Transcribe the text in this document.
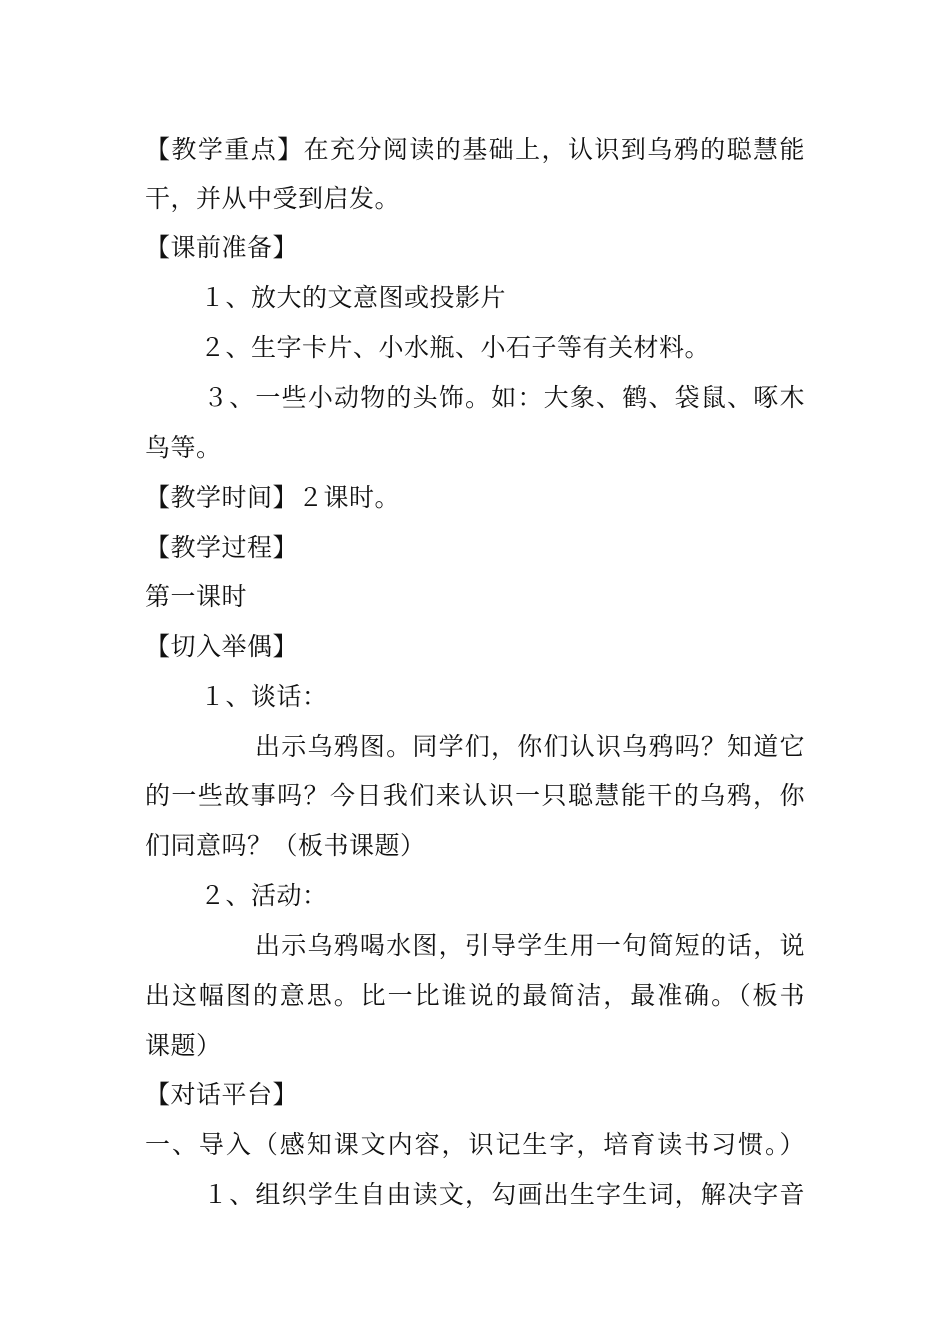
【教学重点】在充分阅读的基础上，认识到乌鸦的聪慧能
干，并从中受到启发。
【课前准备】
１、放大的文意图或投影片
２、生字卡片、小水瓶、小石子等有关材料。
３、一些小动物的头饰。如：大象、鹤、袋鼠、啄木
鸟等。
【教学时间】２课时。
【教学过程】
第一课时
【切入举偶】
１、谈话：
出示乌鸦图。同学们，你们认识乌鸦吗？知道它
的一些故事吗？今日我们来认识一只聪慧能干的乌鸦，你
们同意吗？（板书课题）
２、活动：
出示乌鸦喝水图，引导学生用一句简短的话，说
出这幅图的意思。比一比谁说的最简洁，最准确。（板书
课题）
【对话平台】
一、导入（感知课文内容，识记生字，培育读书习惯。）
１、组织学生自由读文，勾画出生字生词，解决字音
